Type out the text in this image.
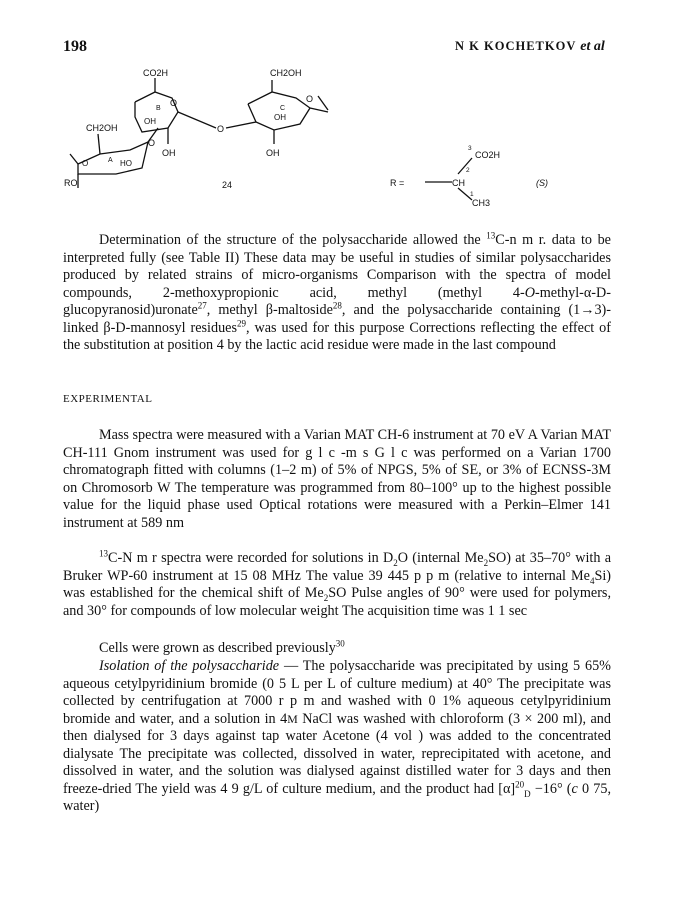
198	N K KOCHETKOV et al
CO2H	CH2OH
CH2OH
A
B	C
OH	OH
OH	OH
HO
O
O
O
O
O
RO	24	R =	CH
2
3
CO2H
1
CH3
(S)

Determination of the structure of the polysaccharide allowed the $^{13}$C-n m r. data to be interpreted fully (see Table II) These data may be useful in studies of similar polysaccharides produced by related strains of micro-organisms Comparison with the spectra of model compounds, 2-methoxypropionic acid, methyl (methyl 4-O-methyl-α-D-glucopyranosid)uronate$^{27}$, methyl β-maltoside$^{28}$, and the polysaccharide containing (1→3)-linked β-D-mannosyl residues$^{29}$, was used for this purpose Corrections reflecting the effect of the substitution at position 4 by the lactic acid residue were made in the last compound

EXPERIMENTAL

Mass spectra were measured with a Varian MAT CH-6 instrument at 70 eV A Varian MAT CH-111 Gnom instrument was used for g l c -m s G l c was performed on a Varian 1700 chromatograph fitted with columns (1–2 m) of 5% of NPGS, 5% of SE, or 3% of ECNSS-3M on Chromosorb W The temperature was programmed from 80–100° up to the highest possible value for the liquid phase used Optical rotations were measured with a Perkin–Elmer 141 instrument at 589 nm

$^{13}$C-N m r spectra were recorded for solutions in $D_2O$ (internal $Me_2SO$) at 35–70° with a Bruker WP-60 instrument at 15 08 MHz The value 39 445 p p m (relative to internal $Me_4Si$) was established for the chemical shift of $Me_2SO$ Pulse angles of 90° were used for polymers, and 30° for compounds of low molecular weight The acquisition time was 1 1 sec

Cells were grown as described previously$^{30}$

Isolation of the polysaccharide — The polysaccharide was precipitated by using 5 65% aqueous cetylpyridinium bromide (0 5 L per L of culture medium) at 40° The precipitate was collected by centrifugation at 7000 r p m and washed with 0 1% aqueous cetylpyridinium bromide and water, and a solution in 4M NaCl was washed with chloroform (3 × 200 ml), and then dialysed for 3 days against tap water Acetone (4 vol ) was added to the concentrated dialysate The precipitate was collected, dissolved in water, reprecipitated with acetone, and dissolved in water, and the solution was dialysed against distilled water for 3 days and then freeze-dried The yield was 4 9 g/L of culture medium, and the product had $[\alpha]^{20}_D -16^\circ$ (c 0 75, water)
